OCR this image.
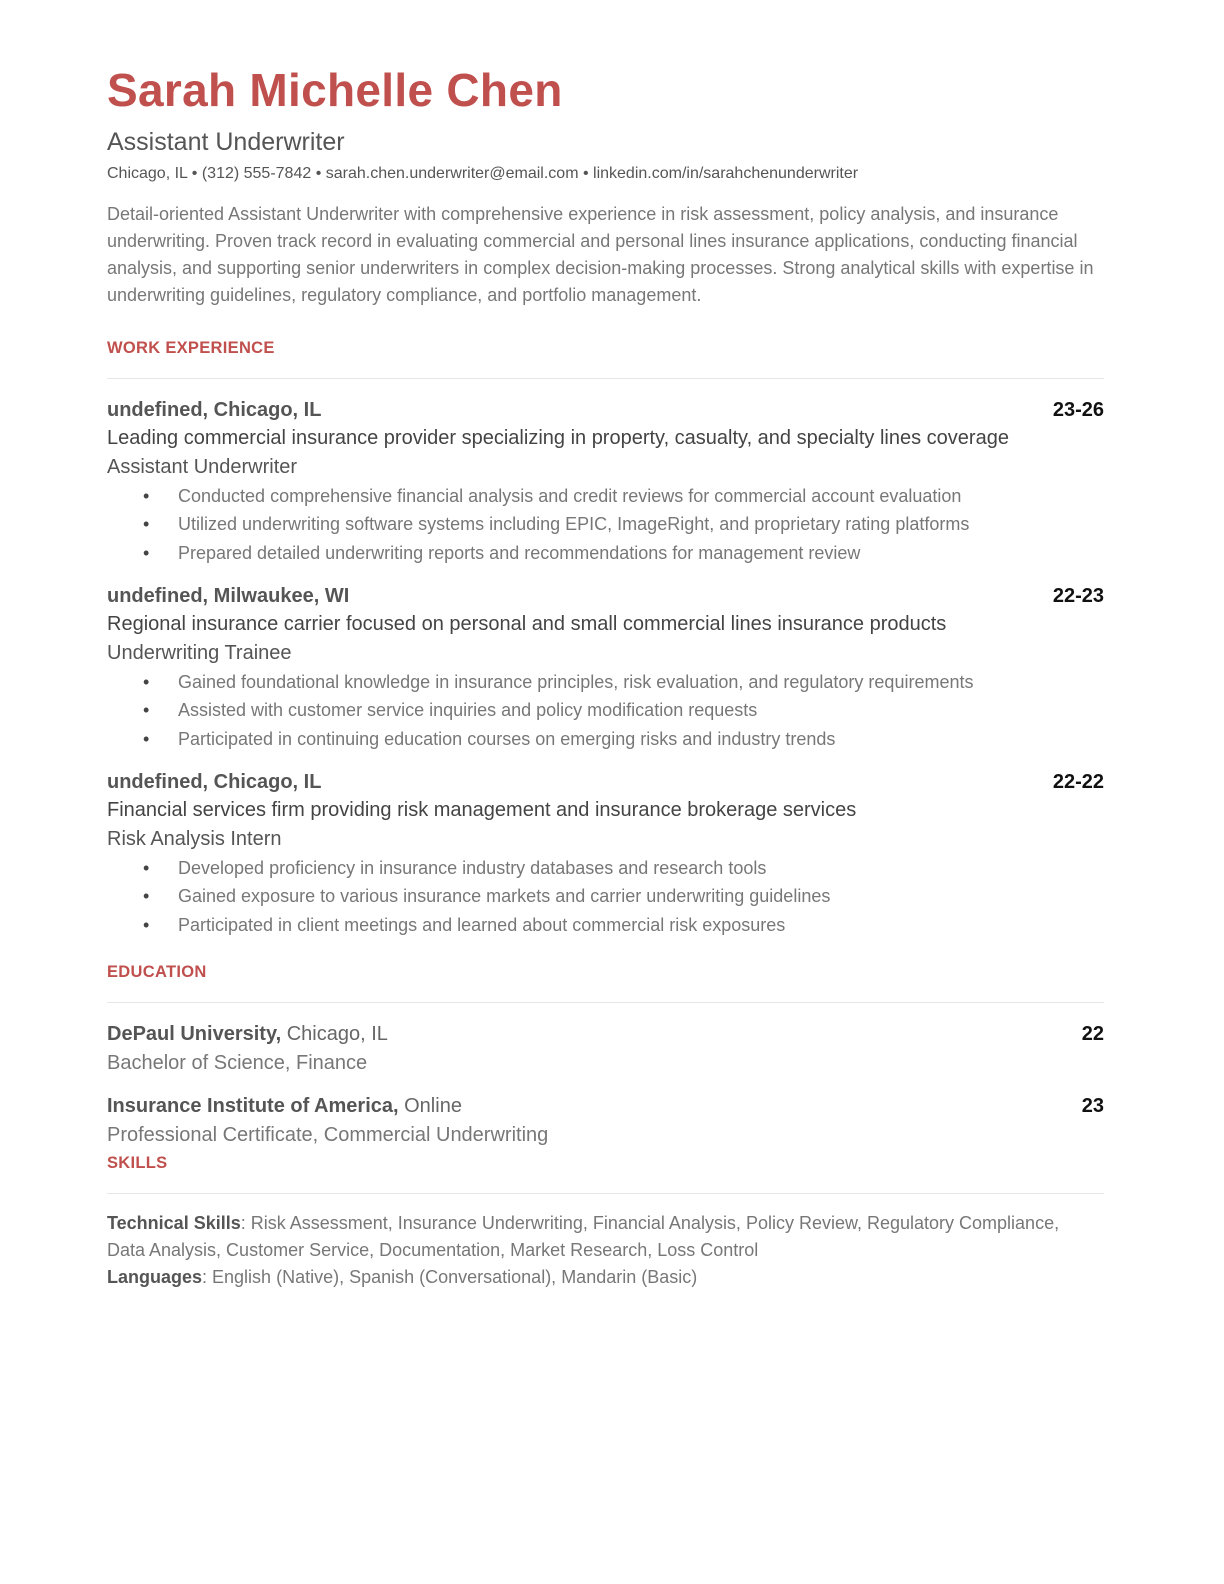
Sarah Michelle Chen
Assistant Underwriter
Chicago, IL • (312) 555-7842 • sarah.chen.underwriter@email.com • linkedin.com/in/sarahchenunderwriter

Detail-oriented Assistant Underwriter with comprehensive experience in risk assessment, policy analysis, and insurance underwriting. Proven track record in evaluating commercial and personal lines insurance applications, conducting financial analysis, and supporting senior underwriters in complex decision-making processes. Strong analytical skills with expertise in underwriting guidelines, regulatory compliance, and portfolio management.

WORK EXPERIENCE
undefined, Chicago, IL	23-26
Leading commercial insurance provider specializing in property, casualty, and specialty lines coverage
Assistant Underwriter
• Conducted comprehensive financial analysis and credit reviews for commercial account evaluation
• Utilized underwriting software systems including EPIC, ImageRight, and proprietary rating platforms
• Prepared detailed underwriting reports and recommendations for management review
undefined, Milwaukee, WI	22-23
Regional insurance carrier focused on personal and small commercial lines insurance products
Underwriting Trainee
• Gained foundational knowledge in insurance principles, risk evaluation, and regulatory requirements
• Assisted with customer service inquiries and policy modification requests
• Participated in continuing education courses on emerging risks and industry trends
undefined, Chicago, IL	22-22
Financial services firm providing risk management and insurance brokerage services
Risk Analysis Intern
• Developed proficiency in insurance industry databases and research tools
• Gained exposure to various insurance markets and carrier underwriting guidelines
• Participated in client meetings and learned about commercial risk exposures
EDUCATION
DePaul University, Chicago, IL	22
Bachelor of Science, Finance
Insurance Institute of America, Online	23
Professional Certificate, Commercial Underwriting
SKILLS
Technical Skills: Risk Assessment, Insurance Underwriting, Financial Analysis, Policy Review, Regulatory Compliance, Data Analysis, Customer Service, Documentation, Market Research, Loss Control
Languages: English (Native), Spanish (Conversational), Mandarin (Basic)
